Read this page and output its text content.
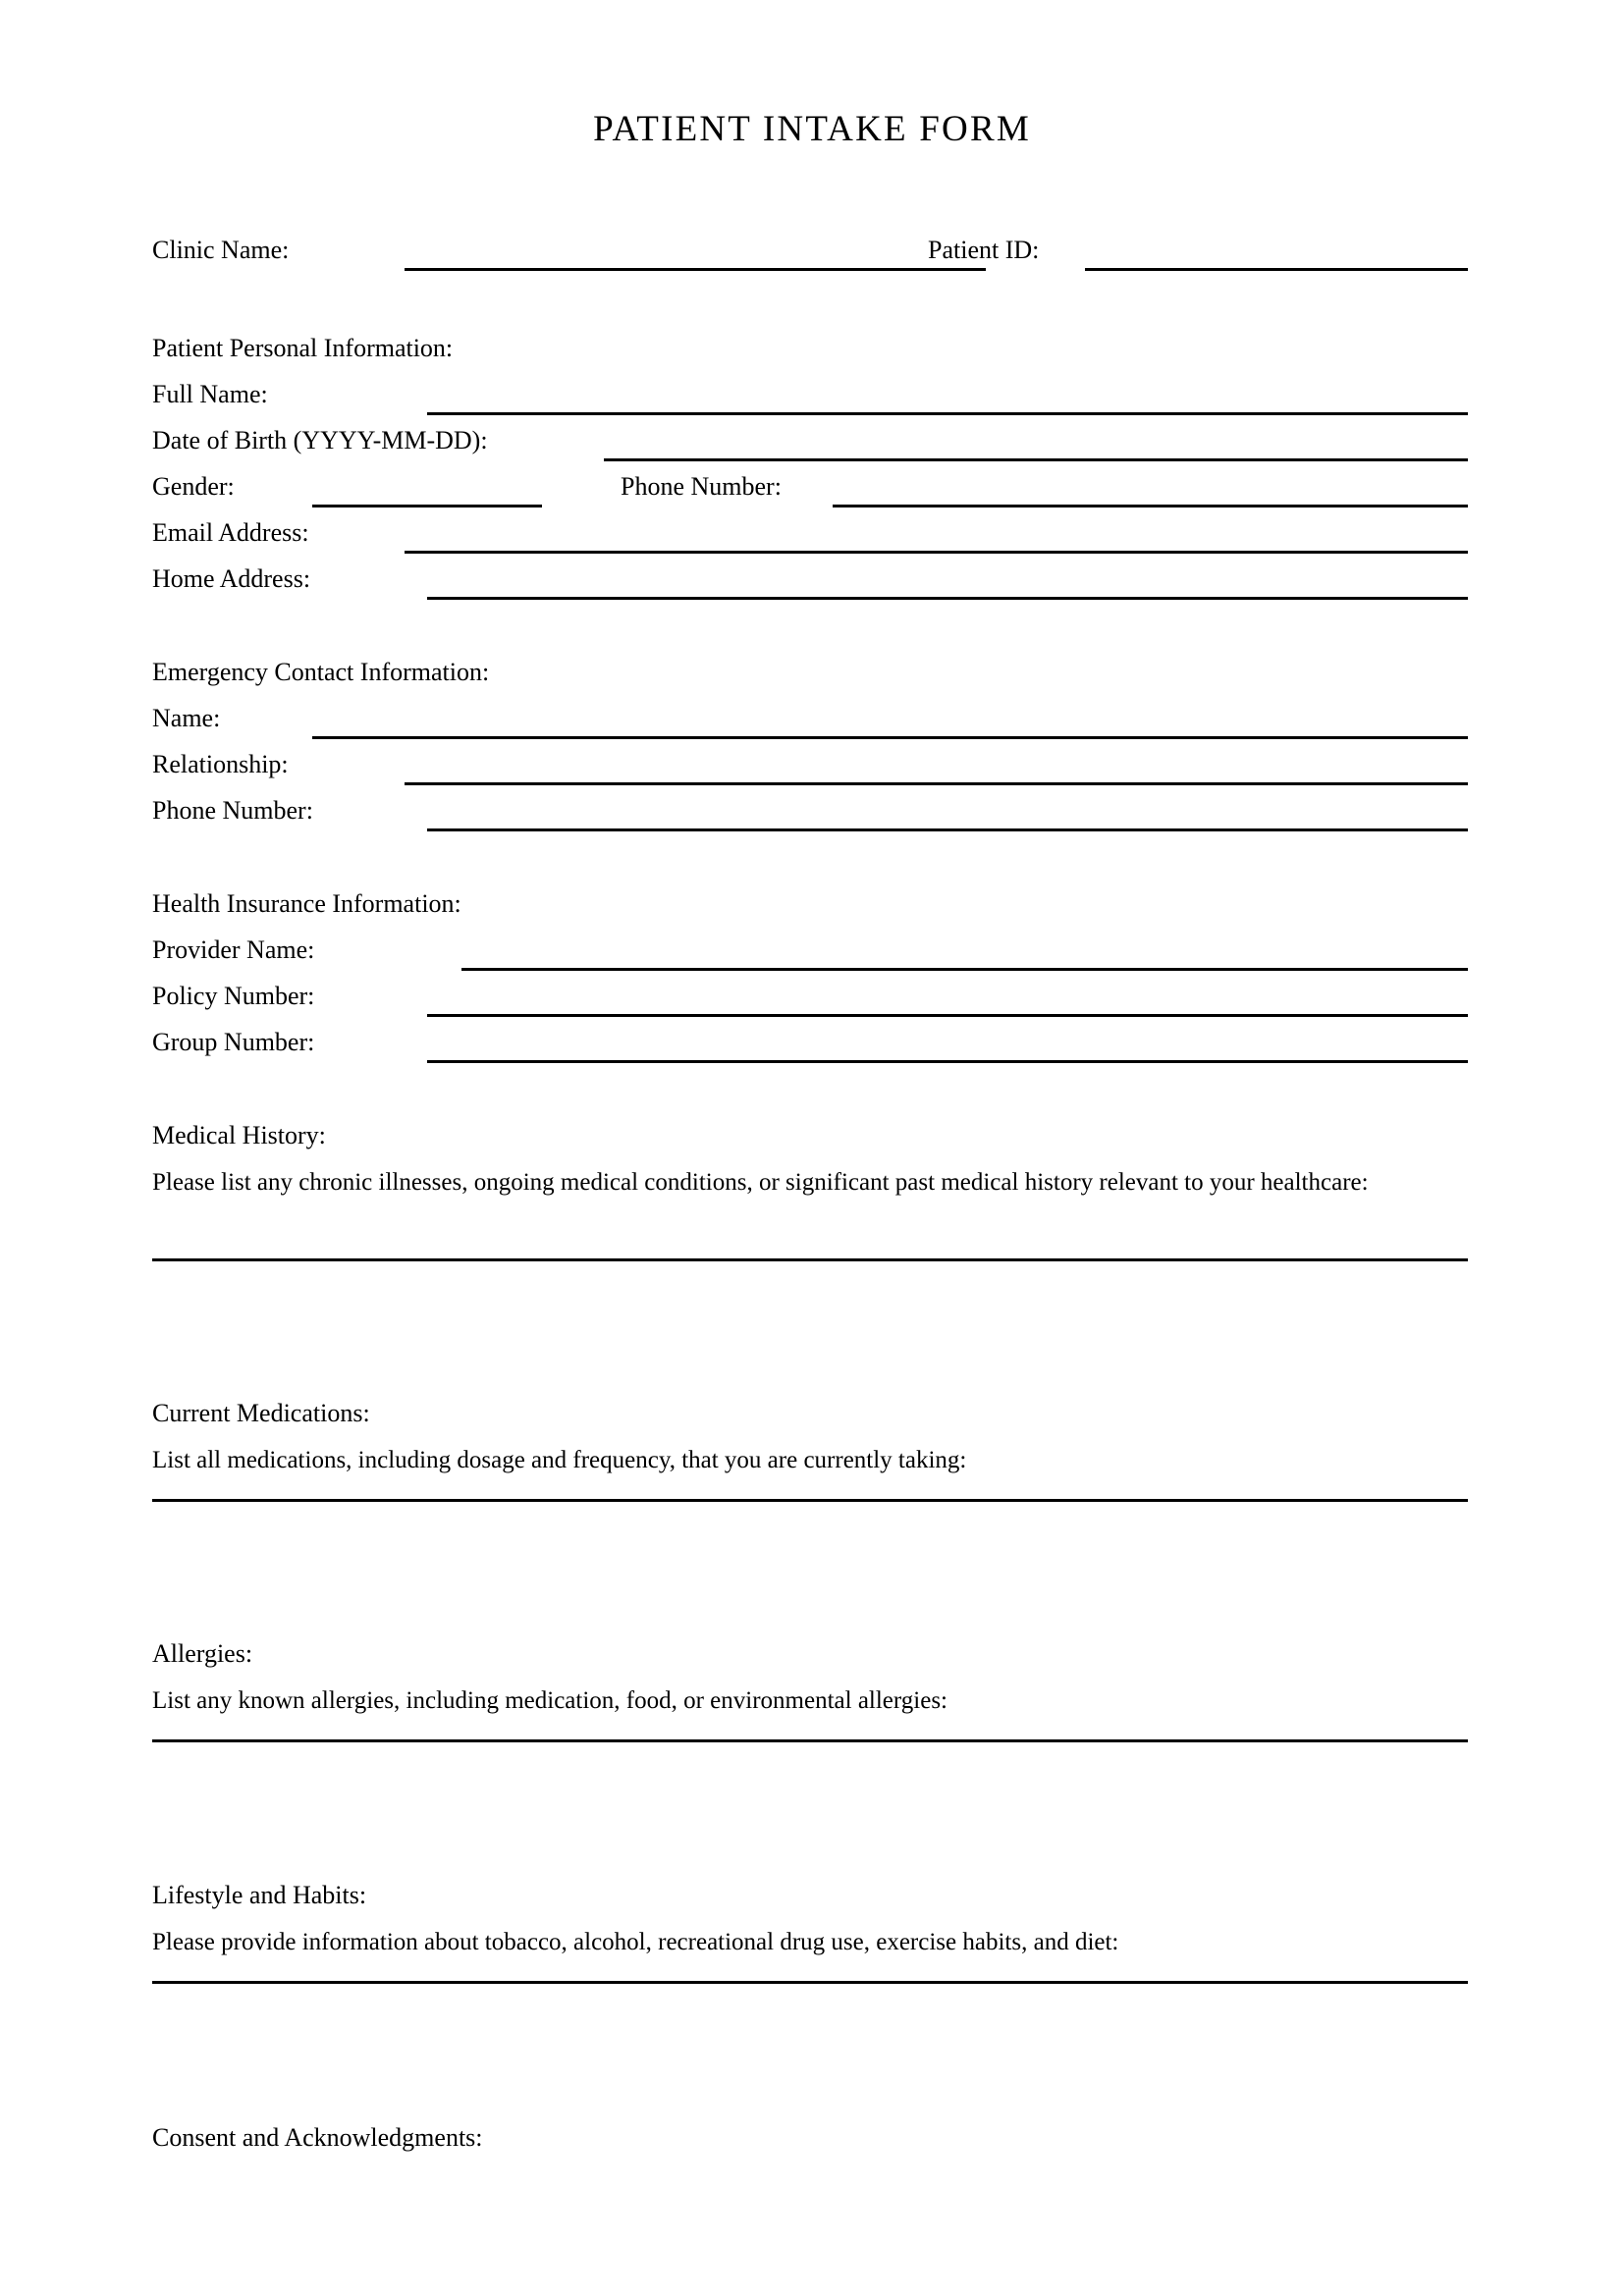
PATIENT INTAKE FORM
Clinic Name:	Patient ID:
Patient Personal Information:
Full Name:
Date of Birth (YYYY-MM-DD):
Gender:	Phone Number:
Email Address:
Home Address:
Emergency Contact Information:
Name:
Relationship:
Phone Number:
Health Insurance Information:
Provider Name:
Policy Number:
Group Number:
Medical History:
Please list any chronic illnesses, ongoing medical conditions, or significant past medical history relevant to your healthcare:
Current Medications:
List all medications, including dosage and frequency, that you are currently taking:
Allergies:
List any known allergies, including medication, food, or environmental allergies:
Lifestyle and Habits:
Please provide information about tobacco, alcohol, recreational drug use, exercise habits, and diet:
Consent and Acknowledgments:
